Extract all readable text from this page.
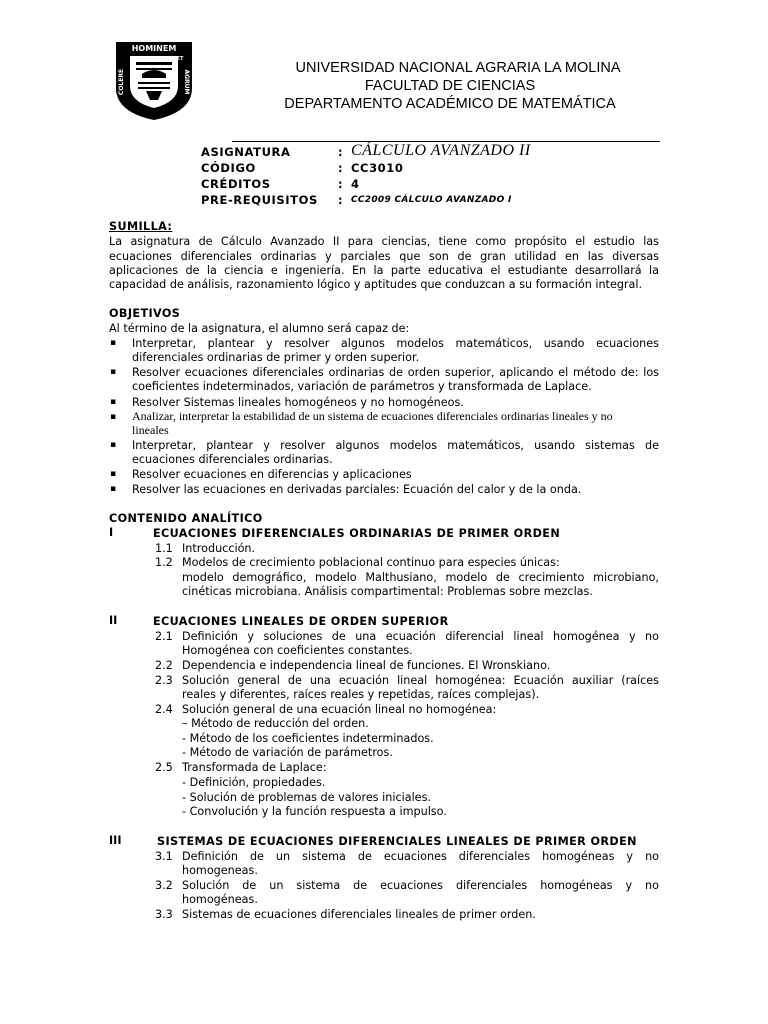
HOMINEM
COLERE	AGRUM
ET
UNIVERSIDAD NACIONAL AGRARIA LA MOLINA
FACULTAD DE CIENCIAS
DEPARTAMENTO ACADÉMICO DE MATEMÁTICA
ASIGNATURA	: CÁLCULO AVANZADO II
CÓDIGO	: CC3010
CRÉDITOS	: 4
PRE-REQUISITOS : CC2009 CÁLCULO AVANZADO I
SUMILLA:
La asignatura de Cálculo Avanzado II para ciencias, tiene como propósito el estudio las
ecuaciones diferenciales ordinarias y parciales que son de gran utilidad en las diversas
aplicaciones de la ciencia e ingeniería. En la parte educativa el estudiante desarrollará la
capacidad de análisis, razonamiento lógico y aptitudes que conduzcan a su formación integral.
OBJETIVOS
Al término de la asignatura, el alumno será capaz de:
▪ Interpretar, plantear y resolver algunos modelos matemáticos, usando ecuaciones
diferenciales ordinarias de primer y orden superior.
▪ Resolver ecuaciones diferenciales ordinarias de orden superior, aplicando el método de: los
coeficientes indeterminados, variación de parámetros y transformada de Laplace.
▪ Resolver Sistemas lineales homogéneos y no homogéneos.
▪ Analizar, interpretar la estabilidad de un sistema de ecuaciones diferenciales ordinarias lineales y no
lineales
▪ Interpretar, plantear y resolver algunos modelos matemáticos, usando sistemas de
ecuaciones diferenciales ordinarias.
▪ Resolver ecuaciones en diferencias y aplicaciones
▪ Resolver las ecuaciones en derivadas parciales: Ecuación del calor y de la onda.
CONTENIDO ANALÍTICO
I	ECUACIONES DIFERENCIALES ORDINARIAS DE PRIMER ORDEN
1.1 Introducción.
1.2 Modelos de crecimiento poblacional continuo para especies únicas:
modelo demográfico, modelo Malthusiano, modelo de crecimiento microbiano,
cinéticas microbiana. Análisis compartimental: Problemas sobre mezclas.
II	ECUACIONES LINEALES DE ORDEN SUPERIOR
2.1 Definición y soluciones de una ecuación diferencial lineal homogénea y no
Homogénea con coeficientes constantes.
2.2 Dependencia e independencia lineal de funciones. El Wronskiano.
2.3 Solución general de una ecuación lineal homogénea: Ecuación auxiliar (raíces
reales y diferentes, raíces reales y repetidas, raíces complejas).
2.4 Solución general de una ecuación lineal no homogénea:
– Método de reducción del orden.
- Método de los coeficientes indeterminados.
- Método de variación de parámetros.
2.5 Transformada de Laplace:
- Definición, propiedades.
- Solución de problemas de valores iniciales.
- Convolución y la función respuesta a impulso.
III	SISTEMAS DE ECUACIONES DIFERENCIALES LINEALES DE PRIMER ORDEN
3.1 Definición de un sistema de ecuaciones diferenciales homogéneas y no
homogeneas.
3.2 Solución de un sistema de ecuaciones diferenciales homogéneas y no
homogéneas.
3.3 Sistemas de ecuaciones diferenciales lineales de primer orden.
